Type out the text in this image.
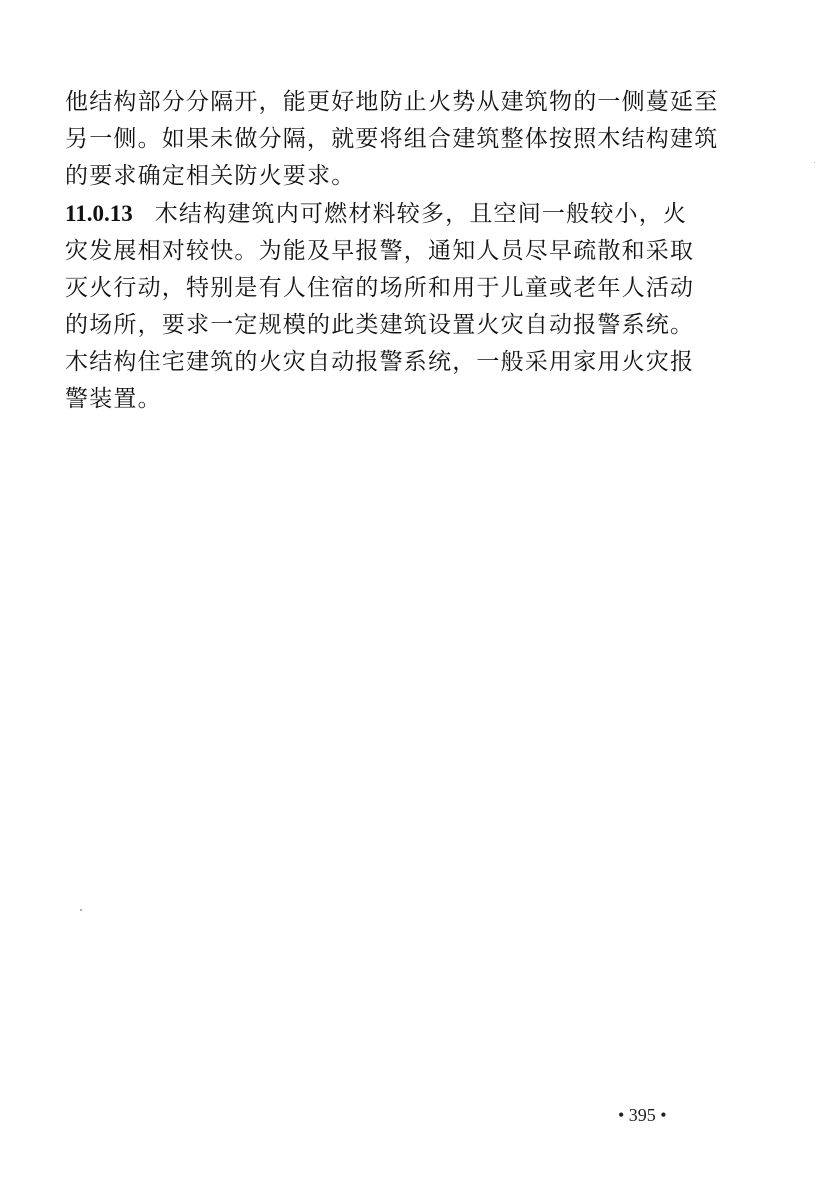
他结构部分分隔开，能更好地防止火势从建筑物的一侧蔓延至
另一侧。如果未做分隔，就要将组合建筑整体按照木结构建筑
的要求确定相关防火要求。
11.0.13 木结构建筑内可燃材料较多，且空间一般较小，火
灾发展相对较快。为能及早报警，通知人员尽早疏散和采取
灭火行动，特别是有人住宿的场所和用于儿童或老年人活动
的场所，要求一定规模的此类建筑设置火灾自动报警系统。
木结构住宅建筑的火灾自动报警系统，一般采用家用火灾报
警装置。
• 395 •
